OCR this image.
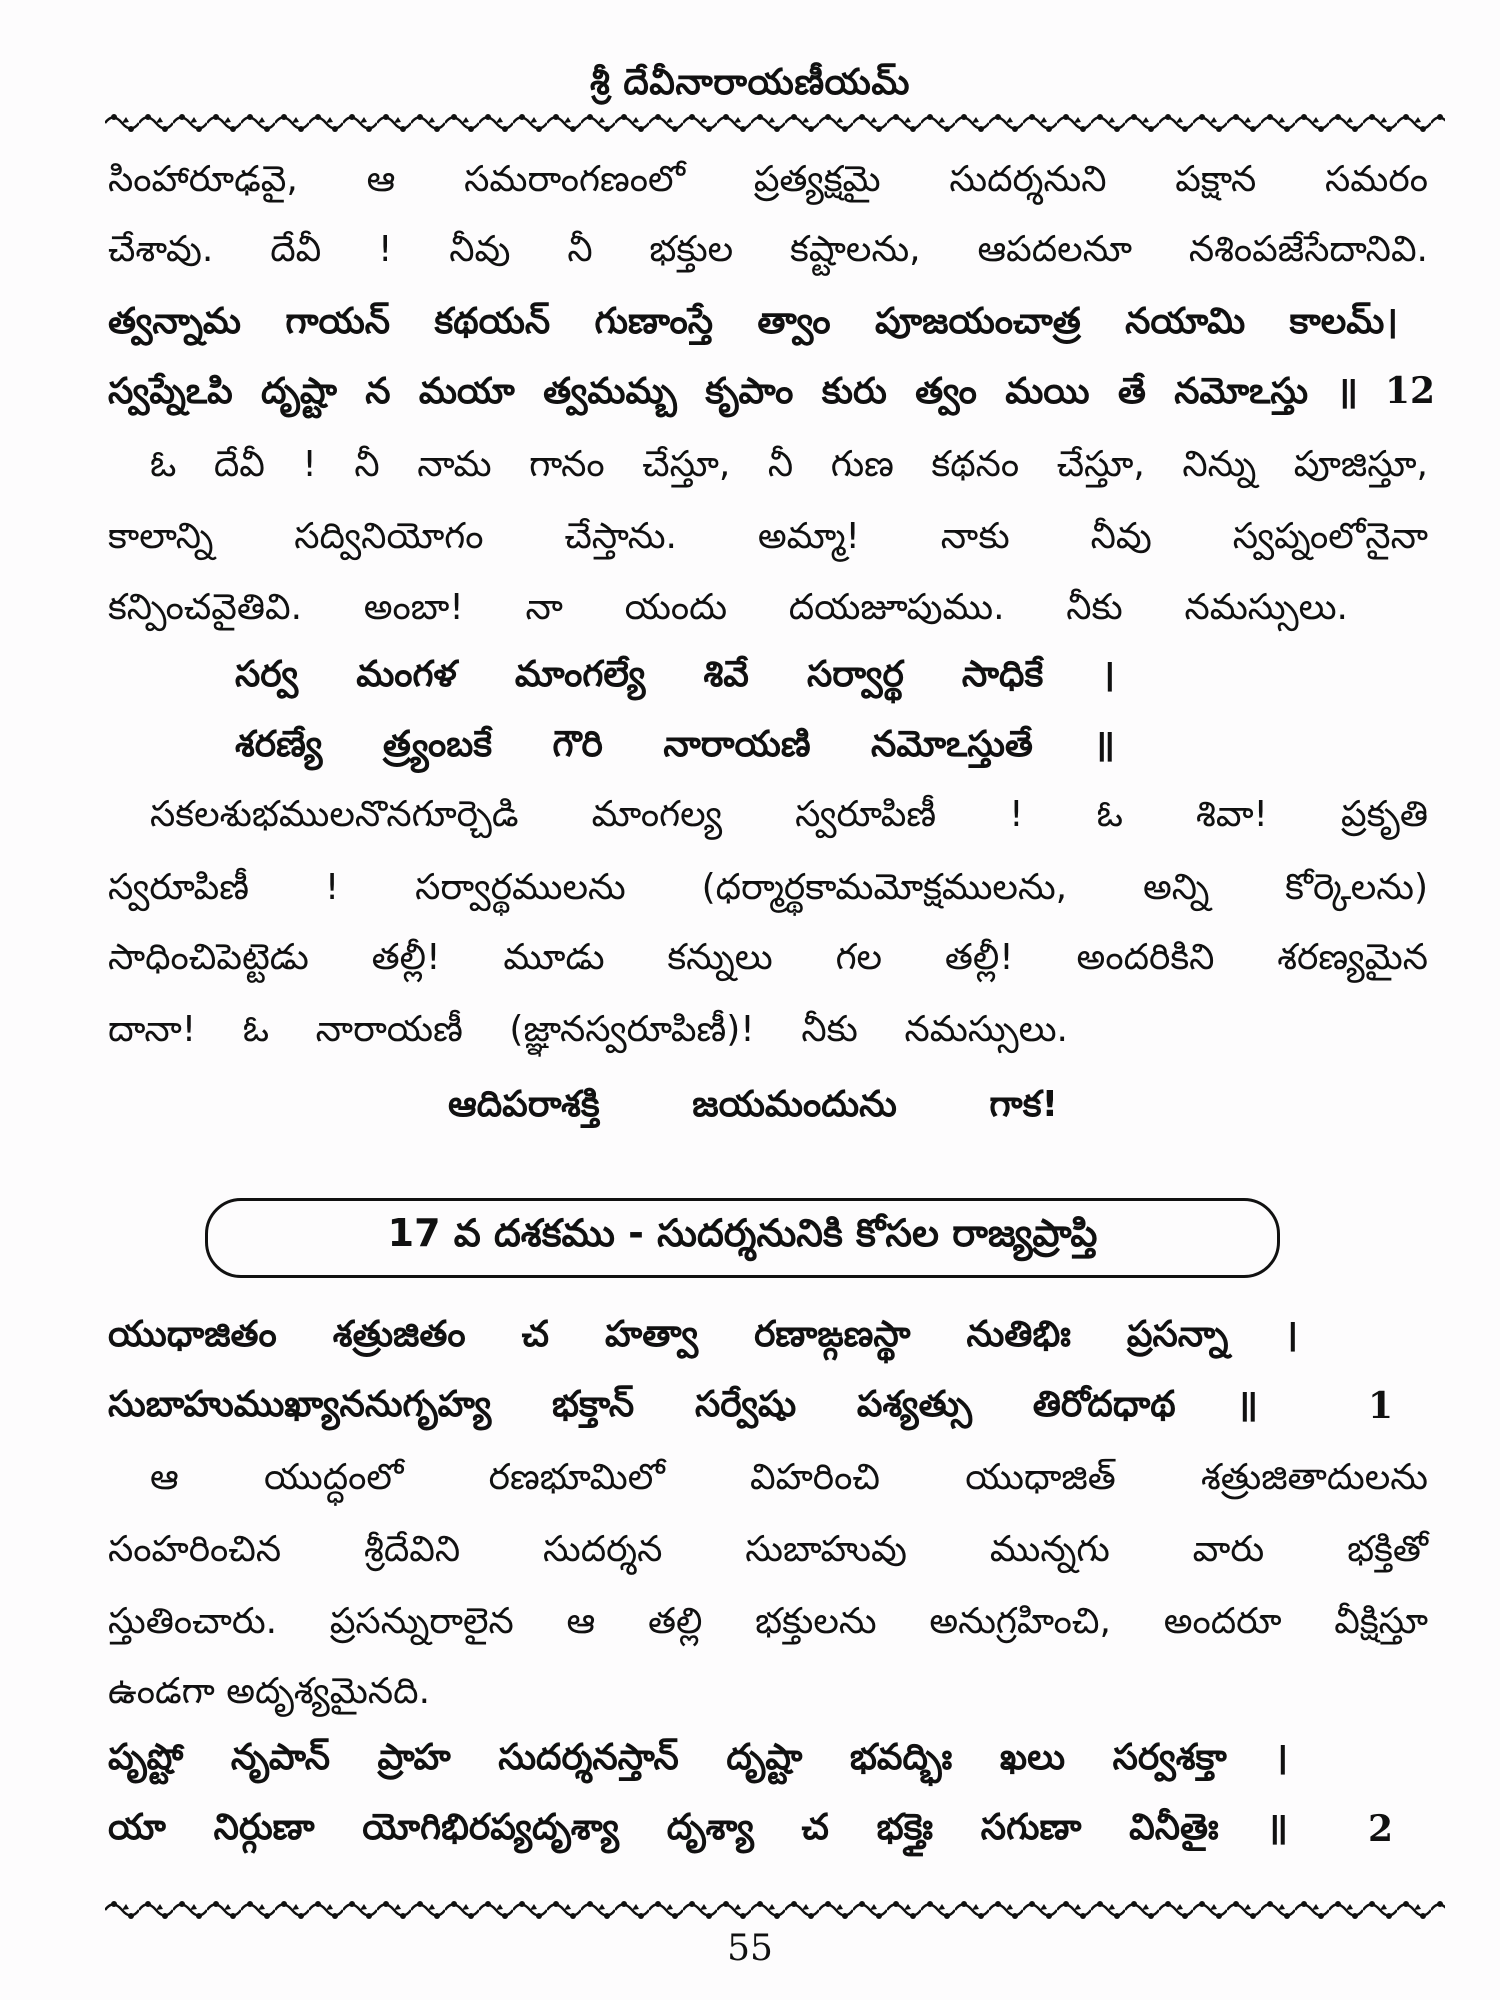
శ్రీ దేవీనారాయణీయమ్
సింహారూఢవై, ఆ సమరాంగణంలో ప్రత్యక్షమై సుదర్శనుని పక్షాన సమరం
చేశావు. దేవీ ! నీవు నీ భక్తుల కష్టాలను, ఆపదలనూ నశింపజేసేదానివి.
త్వన్నామ గాయన్ కథయన్ గుణాంస్తే త్వాం పూజయంచాత్ర నయామి కాలమ్।
స్వప్నేఽపి దృష్టా న మయా త్వమమ్బ కృపాం కురు త్వం మయి తే నమోఽస్తు ॥
ఓ దేవీ ! నీ నామ గానం చేస్తూ, నీ గుణ కథనం చేస్తూ, నిన్ను పూజిస్తూ,
కాలాన్ని సద్వినియోగం చేస్తాను. అమ్మా! నాకు నీవు స్వప్నంలోనైనా
కన్పించవైతివి. అంబా! నా యందు దయజూపుము. నీకు నమస్సులు.
సర్వ మంగళ మాంగల్యే శివే సర్వార్థ సాధికే ।
శరణ్యే త్ర్యంబకే గౌరి నారాయణి నమోఽస్తుతే ॥
సకలశుభములనొనగూర్చెడి మాంగల్య స్వరూపిణీ ! ఓ శివా! ప్రకృతి
స్వరూపిణీ ! సర్వార్థములను (ధర్మార్థకామమోక్షములను, అన్ని కోర్కెలను)
సాధించిపెట్టెడు తల్లీ! మూడు కన్నులు గల తల్లీ! అందరికిని శరణ్యమైన
దానా! ఓ నారాయణీ (జ్ఞానస్వరూపిణీ)! నీకు నమస్సులు.
ఆదిపరాశక్తి జయమందును గాక!
యుధాజితం శత్రుజితం చ హత్వా రణాఙ్గణస్థా నుతిభిః ప్రసన్నా ।
సుబాహుముఖ్యాననుగృహ్య భక్తాన్ సర్వేషు పశ్యత్సు తిరోదధాథ ॥
ఆ యుద్ధంలో రణభూమిలో విహరించి యుధాజిత్ శత్రుజితాదులను
సంహరించిన శ్రీదేవిని సుదర్శన సుబాహువు మున్నగు వారు భక్తితో
స్తుతించారు. ప్రసన్నురాలైన ఆ తల్లి భక్తులను అనుగ్రహించి, అందరూ వీక్షిస్తూ
ఉండగా అదృశ్యమైనది.
పృష్టో నృపాన్ ప్రాహ సుదర్శనస్తాన్ దృష్టా భవద్భిః ఖలు సర్వశక్తా ।
యా నిర్గుణా యోగిభిరప్యదృశ్యా దృశ్యా చ భక్తైః సగుణా వినీతైః ॥
12
17 వ దశకము - సుదర్శనునికి కోసల రాజ్యప్రాప్తి
1
2
55
